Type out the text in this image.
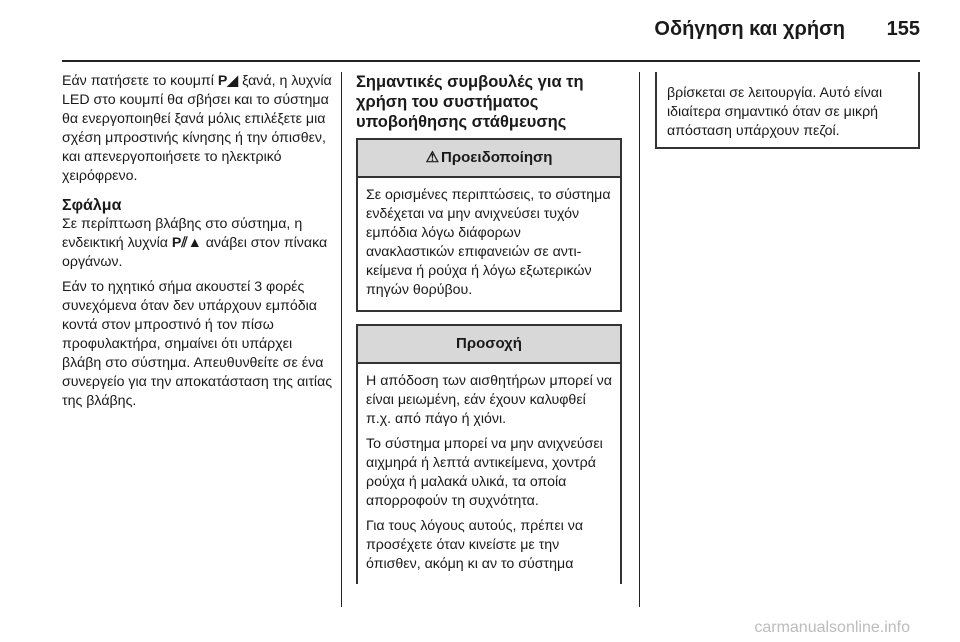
Οδήγηση και χρήση 155

Εάν πατήσετε το κουμπί P◢ ξανά, η λυχνία LED στο κουμπί θα σβήσει και το σύστημα θα ενεργοποιηθεί ξανά μόλις επιλέξετε μια σχέση μπροστινής κίνησης ή την όπισθεν, και απενεργοποιήσετε το ηλεκτρικό χειρόφρενο.

Σφάλμα

Σε περίπτωση βλάβης στο σύστημα, η ενδεικτική λυχνία P⫽▲ ανάβει στον πίνακα οργάνων.

Εάν το ηχητικό σήμα ακουστεί 3 φορές συνεχόμενα όταν δεν υπάρχουν εμπόδια κοντά στον μπροστινό ή τον πίσω προφυλακτήρα, σημαίνει ότι υπάρχει βλάβη στο σύστημα. Απευθυνθείτε σε ένα συνεργείο για την αποκατάσταση της αιτίας της βλάβης.

Σημαντικές συμβουλές για τη χρήση του συστήματος υποβοήθησης στάθμευσης
⚠ Προειδοποίηση

Σε ορισμένες περιπτώσεις, το σύστημα ενδέχεται να μην ανιχνεύσει τυχόν εμπόδια λόγω διάφορων ανακλαστικών επιφανειών σε αντικείμενα ή ρούχα ή λόγω εξωτερικών πηγών θορύβου.

Προσοχή

Η απόδοση των αισθητήρων μπορεί να είναι μειωμένη, εάν έχουν καλυφθεί π.χ. από πάγο ή χιόνι.

Το σύστημα μπορεί να μην ανιχνεύσει αιχμηρά ή λεπτά αντικείμενα, χοντρά ρούχα ή μαλακά υλικά, τα οποία απορροφούν τη συχνότητα.

Για τους λόγους αυτούς, πρέπει να προσέχετε όταν κινείστε με την όπισθεν, ακόμη κι αν το σύστημα

βρίσκεται σε λειτουργία. Αυτό είναι ιδιαίτερα σημαντικό όταν σε μικρή απόσταση υπάρχουν πεζοί.
carmanualsonline.info
